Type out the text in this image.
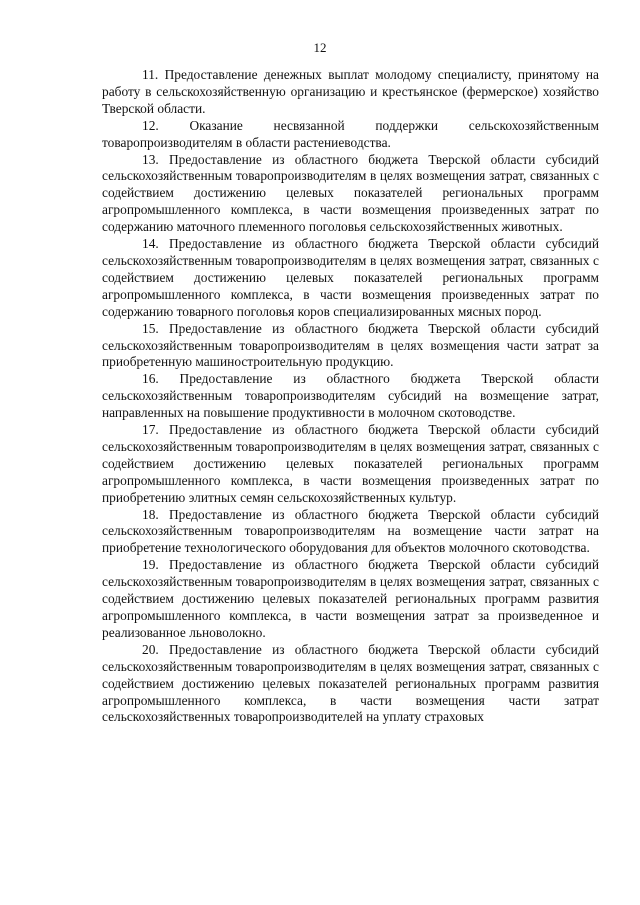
12

11. Предоставление денежных выплат молодому специалисту, принятому на работу в сельскохозяйственную организацию и крестьянское (фермерское) хозяйство Тверской области.

12. Оказание несвязанной поддержки сельскохозяйственным товаропроизводителям в области растениеводства.

13. Предоставление из областного бюджета Тверской области субсидий сельскохозяйственным товаропроизводителям в целях возмещения затрат, связанных с содействием достижению целевых показателей региональных программ агропромышленного комплекса, в части возмещения произведенных затрат по содержанию маточного племенного поголовья сельскохозяйственных животных.

14. Предоставление из областного бюджета Тверской области субсидий сельскохозяйственным товаропроизводителям в целях возмещения затрат, связанных с содействием достижению целевых показателей региональных программ агропромышленного комплекса, в части возмещения произведенных затрат по содержанию товарного поголовья коров специализированных мясных пород.

15. Предоставление из областного бюджета Тверской области субсидий сельскохозяйственным товаропроизводителям в целях возмещения части затрат за приобретенную машиностроительную продукцию.

16. Предоставление из областного бюджета Тверской области сельскохозяйственным товаропроизводителям субсидий на возмещение затрат, направленных на повышение продуктивности в молочном скотоводстве.

17. Предоставление из областного бюджета Тверской области субсидий сельскохозяйственным товаропроизводителям в целях возмещения затрат, связанных с содействием достижению целевых показателей региональных программ агропромышленного комплекса, в части возмещения произведенных затрат по приобретению элитных семян сельскохозяйственных культур.

18. Предоставление из областного бюджета Тверской области субсидий сельскохозяйственным товаропроизводителям на возмещение части затрат на приобретение технологического оборудования для объектов молочного скотоводства.

19. Предоставление из областного бюджета Тверской области субсидий сельскохозяйственным товаропроизводителям в целях возмещения затрат, связанных с содействием достижению целевых показателей региональных программ развития агропромышленного комплекса, в части возмещения затрат за произведенное и реализованное льноволокно.

20. Предоставление из областного бюджета Тверской области субсидий сельскохозяйственным товаропроизводителям в целях возмещения затрат, связанных с содействием достижению целевых показателей региональных программ развития агропромышленного комплекса, в части возмещения части затрат сельскохозяйственных товаропроизводителей на уплату страховых
